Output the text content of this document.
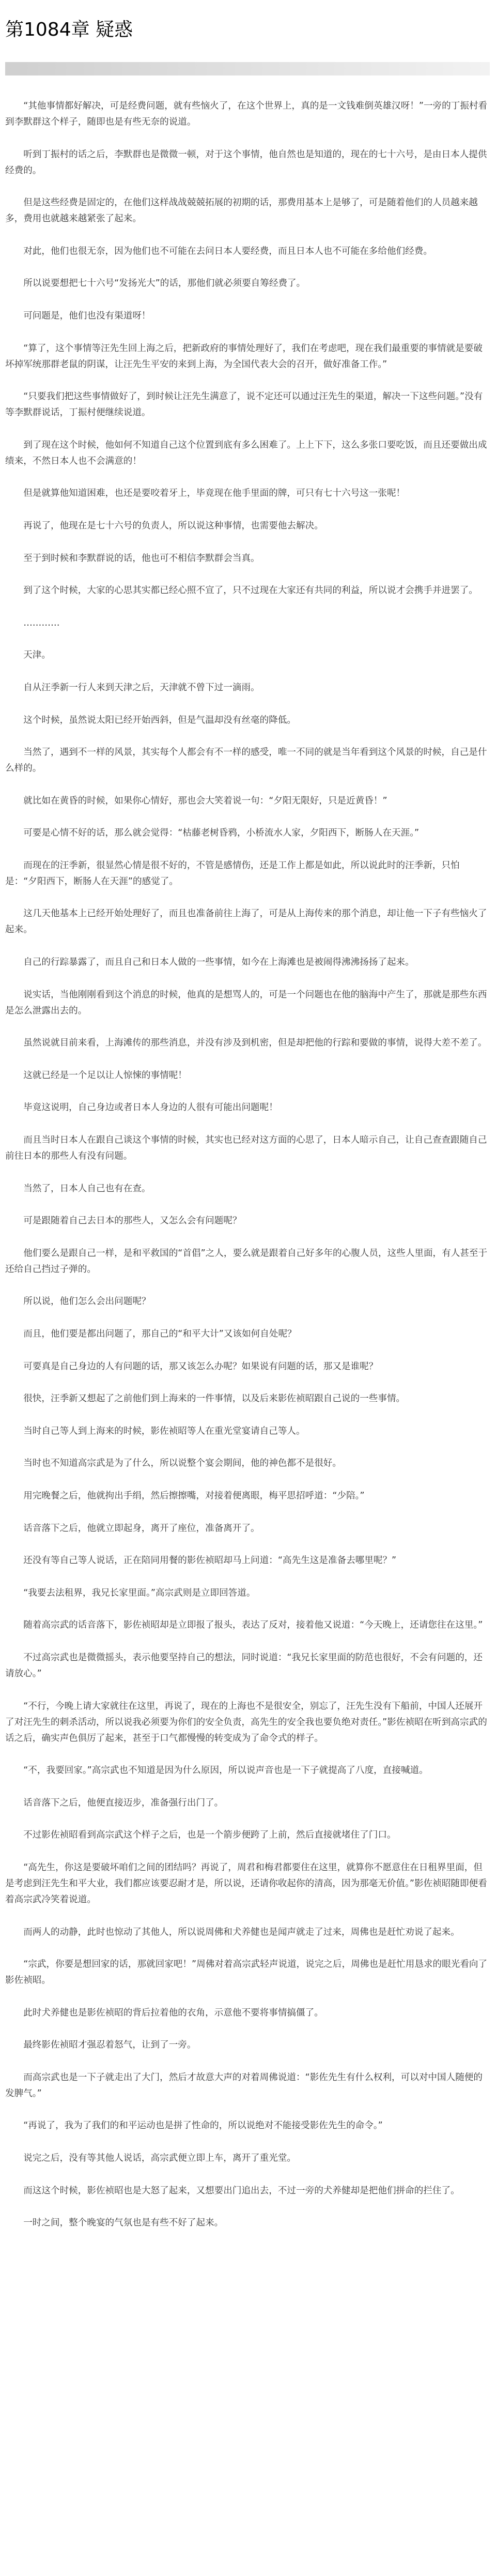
第1084章 疑惑

“其他事情都好解决，可是经费问题，就有些恼火了，在这个世界上，真的是一文钱难倒英雄汉呀！”一旁的丁振村看到李默群这个样子，随即也是有些无奈的说道。

听到丁振村的话之后，李默群也是微微一顿，对于这个事情，他自然也是知道的，现在的七十六号，是由日本人提供经费的。

但是这些经费是固定的，在他们这样战战兢兢拓展的初期的话，那费用基本上是够了，可是随着他们的人员越来越多，费用也就越来越紧张了起来。

对此，他们也很无奈，因为他们也不可能在去问日本人要经费，而且日本人也不可能在多给他们经费。

所以说要想把七十六号“发扬光大”的话，那他们就必须要自筹经费了。

可问题是，他们也没有渠道呀！

“算了，这个事情等汪先生回上海之后，把新政府的事情处理好了，我们在考虑吧，现在我们最重要的事情就是要破坏掉军统那群老鼠的阴谋，让汪先生平安的来到上海，为全国代表大会的召开，做好准备工作。”

“只要我们把这些事情做好了，到时候让汪先生满意了，说不定还可以通过汪先生的渠道，解决一下这些问题。”没有等李默群说话，丁振村便继续说道。

到了现在这个时候，他如何不知道自己这个位置到底有多么困难了。上上下下，这么多张口要吃饭，而且还要做出成绩来，不然日本人也不会满意的！

但是就算他知道困难，也还是要咬着牙上，毕竟现在他手里面的牌，可只有七十六号这一张呢！

再说了，他现在是七十六号的负责人，所以说这种事情，也需要他去解决。

至于到时候和李默群说的话，他也可不相信李默群会当真。

到了这个时候，大家的心思其实都已经心照不宣了，只不过现在大家还有共同的利益，所以说才会携手并进罢了。

…………

天津。

自从汪季新一行人来到天津之后，天津就不曾下过一滴雨。

这个时候，虽然说太阳已经开始西斜，但是气温却没有丝毫的降低。

当然了，遇到不一样的风景，其实每个人都会有不一样的感受，唯一不同的就是当年看到这个风景的时候，自己是什么样的。

就比如在黄昏的时候，如果你心情好，那也会大笑着说一句：“夕阳无限好，只是近黄昏！”

可要是心情不好的话，那么就会觉得：“枯藤老树昏鸦，小桥流水人家，夕阳西下，断肠人在天涯。”

而现在的汪季新，很显然心情是很不好的，不管是感情伤，还是工作上都是如此，所以说此时的汪季新，只怕是：“夕阳西下，断肠人在天涯”的感觉了。

这几天他基本上已经开始处理好了，而且也准备前往上海了，可是从上海传来的那个消息，却让他一下子有些恼火了起来。

自己的行踪暴露了，而且自己和日本人做的一些事情，如今在上海滩也是被闹得沸沸扬扬了起来。

说实话，当他刚刚看到这个消息的时候，他真的是想骂人的，可是一个问题也在他的脑海中产生了，那就是那些东西是怎么泄露出去的。

虽然说就目前来看，上海滩传的那些消息，并没有涉及到机密，但是却把他的行踪和要做的事情，说得大差不差了。

这就已经是一个足以让人惊悚的事情呢！

毕竟这说明，自己身边或者日本人身边的人很有可能出问题呢！

而且当时日本人在跟自己谈这个事情的时候，其实也已经对这方面的心思了，日本人暗示自己，让自己查查跟随自己前往日本的那些人有没有问题。

当然了，日本人自己也有在查。

可是跟随着自己去日本的那些人，又怎么会有问题呢？

他们要么是跟自己一样，是和平救国的“首倡”之人，要么就是跟着自己好多年的心腹人员，这些人里面，有人甚至于还给自己挡过子弹的。

所以说，他们怎么会出问题呢？

而且，他们要是都出问题了，那自己的“和平大计”又该如何自处呢？

可要真是自己身边的人有问题的话，那又该怎么办呢？如果说有问题的话，那又是谁呢？

很快，汪季新又想起了之前他们到上海来的一件事情，以及后来影佐祯昭跟自己说的一些事情。

当时自己等人到上海来的时候，影佐祯昭等人在重光堂宴请自己等人。

当时也不知道高宗武是为了什么，所以说整个宴会期间，他的神色都不是很好。

用完晚餐之后，他就拘出手绢，然后擦擦嘴，对接着便离眼，梅平思招呼道：“少陪。”

话音落下之后，他就立即起身，离开了座位，准备离开了。

还没有等自己等人说话，正在陪同用餐的影佐祯昭却马上问道：“高先生这是准备去哪里呢？”

“我要去法租界，我兄长家里面。”高宗武则是立即回答道。

随着高宗武的话音落下，影佐祯昭却是立即报了报头，表达了反对，接着他又说道：“今天晚上，还请您往在这里。”

不过高宗武也是微微摇头，表示他要坚持自己的想法，同时说道：“我兄长家里面的防范也很好，不会有问题的，还请放心。”

“不行，今晚上请大家就往在这里，再说了，现在的上海也不是很安全，别忘了，汪先生没有下船前，中国人还展开了对汪先生的刺杀活动，所以说我必须要为你们的安全负责，高先生的安全我也要负绝对责任。”影佐祯昭在听到高宗武的话之后，确实声色俱厉了起来，甚至于口气都慢慢的转变成为了命令式的样子。

“不，我要回家。”高宗武也不知道是因为什么原因，所以说声音也是一下子就提高了八度，直接喊道。

话音落下之后，他便直接迈步，准备强行出门了。

不过影佐祯昭看到高宗武这个样子之后，也是一个箭步便跨了上前，然后直接就堵住了门口。

“高先生，你这是要破坏咱们之间的团结吗？再说了，周君和梅君都要住在这里，就算你不愿意住在日租界里面，但是考虑到汪先生和平大业，我们都应该要忍耐才是，所以说，还请你收起你的清高，因为那毫无价值。”影佐祯昭随即便看着高宗武冷笑着说道。

而两人的动静，此时也惊动了其他人，所以说周佛和犬养健也是闻声就走了过来，周佛也是赶忙劝说了起来。

“宗武，你要是想回家的话，那就回家吧！”周佛对着高宗武轻声说道，说完之后，周佛也是赶忙用恳求的眼光看向了影佐祯昭。

此时犬养健也是影佐祯昭的背后拉着他的衣角，示意他不要将事情搞僵了。

最终影佐祯昭才强忍着怒气，让到了一旁。

而高宗武也是一下子就走出了大门，然后才故意大声的对着周佛说道：“影佐先生有什么权利，可以对中国人随便的发脾气。”

“再说了，我为了我们的和平运动也是拼了性命的，所以说绝对不能接受影佐先生的命令。”

说完之后，没有等其他人说话，高宗武便立即上车，离开了重光堂。

而这这个时候，影佐祯昭也是大怒了起来，又想要出门追出去，不过一旁的犬养健却是把他们拼命的拦住了。

一时之间，整个晚宴的气氛也是有些不好了起来。
